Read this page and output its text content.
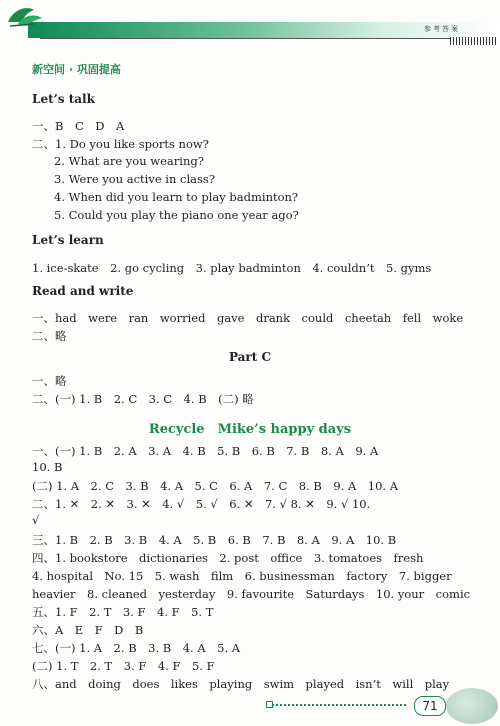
参考答案
新空间 · 巩固提高
Let’s talk
一、B　C　D　A
二、1. Do you like sports now?
2. What are you wearing?
3. Were you active in class?
4. When did you learn to play badminton?
5. Could you play the piano one year ago?
Let’s learn
1. ice-skate　2. go cycling　3. play badminton　4. couldn’t　5. gyms
Read and write
一、had　were　ran　worried　gave　drank　could　cheetah　fell　woke
二、略
Part C
一、略
二、(一) 1. B　2. C　3. C　4. B　(二) 略
Recycle　Mike’s happy days
一、(一) 1. B　2. A　3. A　4. B　5. B　6. B　7. B　8. A　9. A
10. B
(二) 1. A　2. C　3. B　4. A　5. C　6. A　7. C　8. B　9. A　10. A
二、1. ✕　2. ✕　3. ✕　4. √　5. √　6. ✕　7. √ 8. ✕　9. √ 10.
√
三、1. B　2. B　3. B　4. A　5. B　6. B　7. B　8. A　9. A　10. B
四、1. bookstore　dictionaries　2. post　office　3. tomatoes　fresh
4. hospital　No. 15　5. wash　film　6. businessman　factory　7. bigger
heavier　8. cleaned　yesterday　9. favourite　Saturdays　10. your　comic
五、1. F　2. T　3. F　4. F　5. T
六、A　E　F　D　B
七、(一) 1. A　2. B　3. B　4. A　5. A
(二) 1. T　2. T　3. F　4. F　5. F
八、and　doing　does　likes　playing　swim　played　isn’t　will　play
71
